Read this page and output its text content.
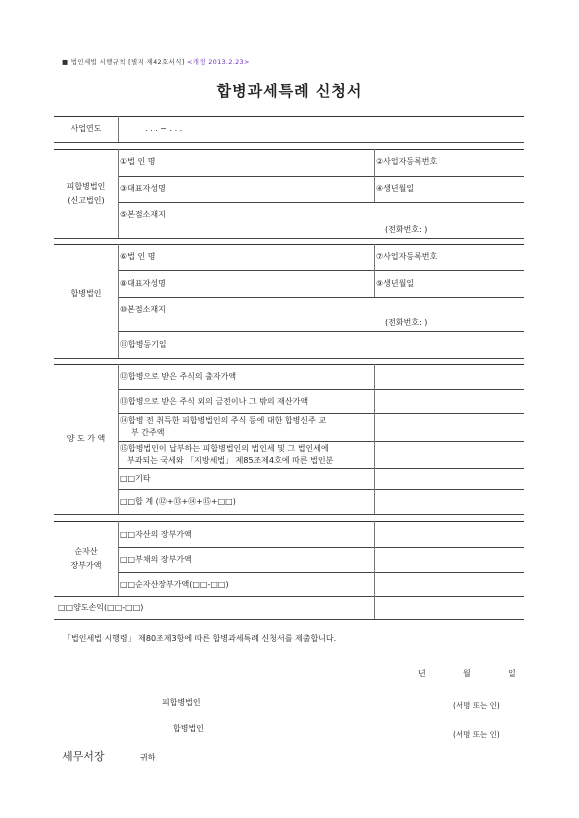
■ 법인세법 시행규칙 [별지 제42호서식] <개정 2013.2.23>
합병과세특례 신청서
사업연도	. . . ~ . . .
피합병법인
(신고법인)
①법 인 명	②사업자등록번호
③대표자성명	④생년월일
⑤본점소재지
(전화번호: )
합병법인
⑥법 인 명	⑦사업자등록번호
⑧대표자성명	⑨생년월일
⑩본점소재지
(전화번호: )
⑪합병등기일
양 도 가 액
⑫합병으로 받은 주식의 출자가액
⑬합병으로 받은 주식 외의 금전이나 그 밖의 재산가액
⑭합병 전 취득한 피합병법인의 주식 등에 대한 합병신주 교
부 간주액
⑮합병법인이 납부하는 피합병법인의 법인세 및 그 법인세에
부과되는 국세와 「지방세법」 제85조제4호에 따른 법인분
□□기타
□□합 계 (⑫+⑬+⑭+⑮+□□)
순자산
장부가액
□□자산의 장부가액
□□부채의 장부가액
□□순자산장부가액(□□-□□)
□□양도손익(□□-□□)
「법인세법 시행령」 제80조제3항에 따른 합병과세특례 신청서를 제출합니다.
년	월	일
피합병법인	(서명 또는 인)
합병법인
(서명 또는 인)
세무서장	귀하
